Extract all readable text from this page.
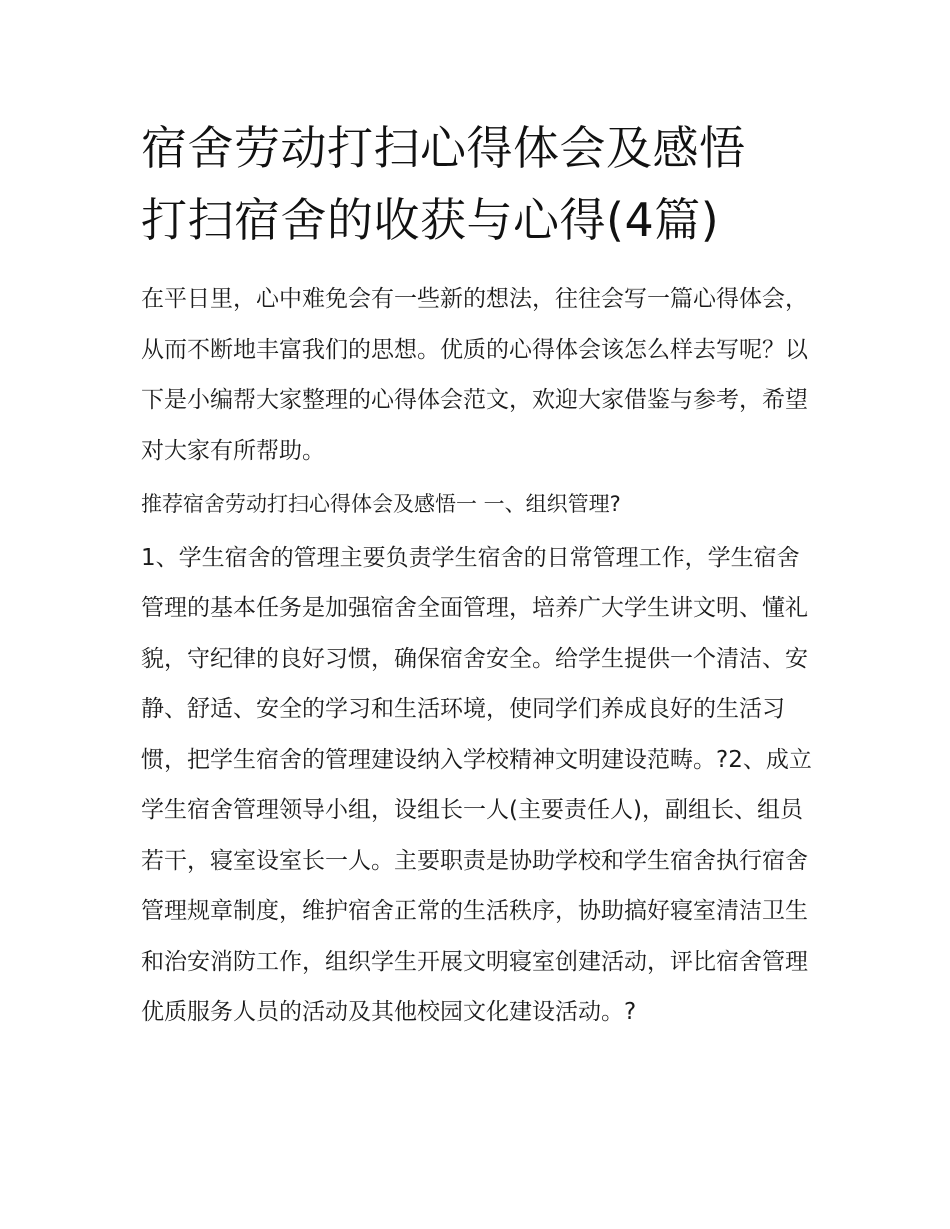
宿舍劳动打扫心得体会及感悟
打扫宿舍的收获与心得(4篇)

在平日里，心中难免会有一些新的想法，往往会写一篇心得体会，从而不断地丰富我们的思想。优质的心得体会该怎么样去写呢？以下是小编帮大家整理的心得体会范文，欢迎大家借鉴与参考，希望对大家有所帮助。

推荐宿舍劳动打扫心得体会及感悟一 一、组织管理?

1、学生宿舍的管理主要负责学生宿舍的日常管理工作，学生宿舍管理的基本任务是加强宿舍全面管理，培养广大学生讲文明、懂礼貌，守纪律的良好习惯，确保宿舍安全。给学生提供一个清洁、安静、舒适、安全的学习和生活环境，使同学们养成良好的生活习惯，把学生宿舍的管理建设纳入学校精神文明建设范畴。?2、成立学生宿舍管理领导小组，设组长一人(主要责任人)，副组长、组员若干，寝室设室长一人。主要职责是协助学校和学生宿舍执行宿舍管理规章制度，维护宿舍正常的生活秩序，协助搞好寝室清洁卫生和治安消防工作，组织学生开展文明寝室创建活动，评比宿舍管理优质服务人员的活动及其他校园文化建设活动。?
